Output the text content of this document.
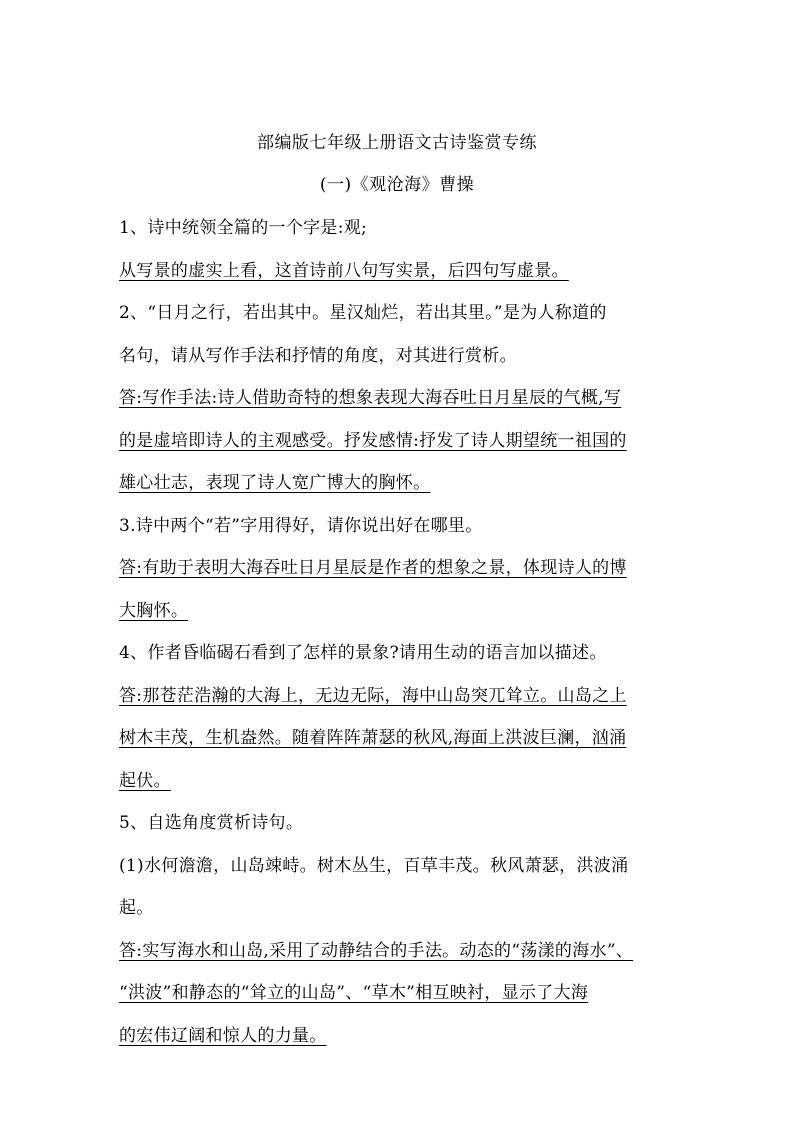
部编版七年级上册语文古诗鉴赏专练
(一)《观沧海》曹操
1、诗中统领全篇的一个字是:观;
从写景的虚实上看，这首诗前八句写实景，后四句写虚景。
2、“日月之行，若出其中。星汉灿烂，若出其里。”是为人称道的
名句，请从写作手法和抒情的角度，对其进行赏析。
答:写作手法:诗人借助奇特的想象表现大海吞吐日月星辰的气概,写
的是虚培即诗人的主观感受。抒发感情:抒发了诗人期望统一祖国的
雄心壮志，表现了诗人宽广博大的胸怀。
3.诗中两个“若”字用得好，请你说出好在哪里。
答:有助于表明大海吞吐日月星辰是作者的想象之景，体现诗人的博
大胸怀。
4、作者昏临碣石看到了怎样的景象?请用生动的语言加以描述。
答:那苍茫浩瀚的大海上，无边无际，海中山岛突兀耸立。山岛之上
树木丰茂，生机盎然。随着阵阵萧瑟的秋风,海面上洪波巨澜，汹涌
起伏。
5、自选角度赏析诗句。
(1)水何澹澹，山岛竦峙。树木丛生，百草丰茂。秋风萧瑟，洪波涌
起。
答:实写海水和山岛,采用了动静结合的手法。动态的“荡漾的海水”、
“洪波”和静态的“耸立的山岛”、“草木”相互映衬，显示了大海
的宏伟辽阔和惊人的力量。
